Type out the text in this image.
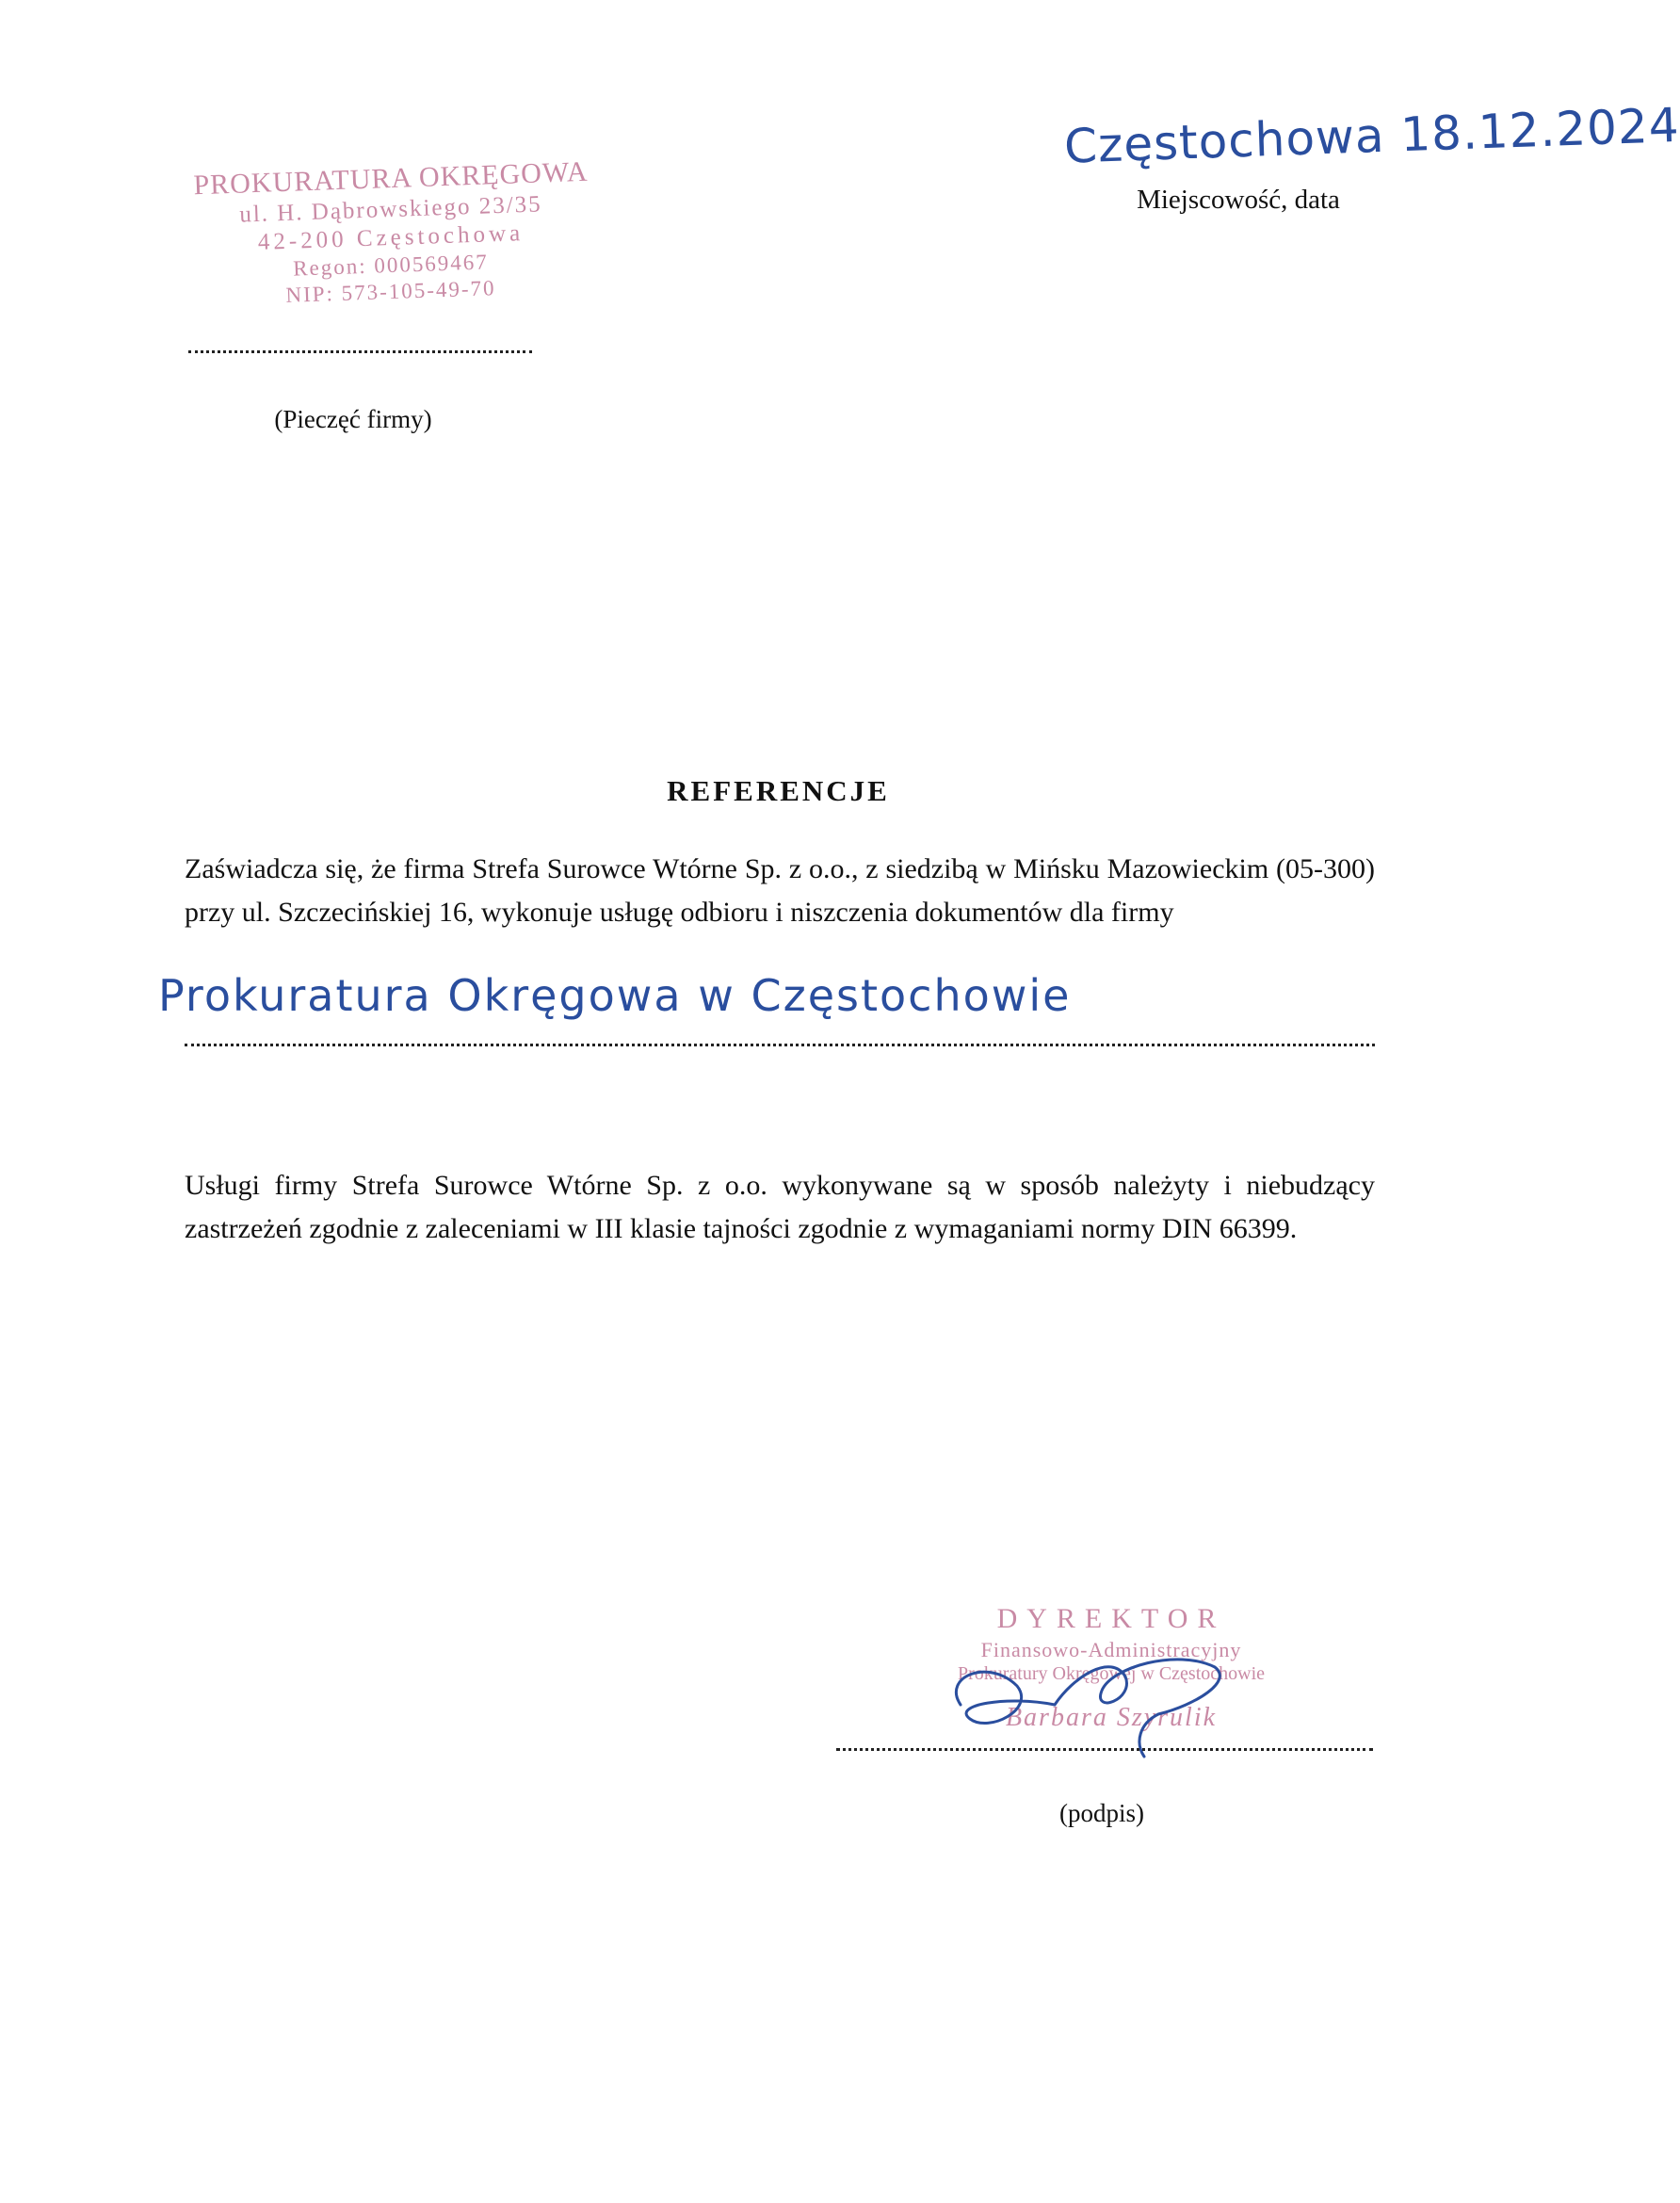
PROKURATURA OKRĘGOWA
ul. H. Dąbrowskiego 23/35
42-200 Częstochowa
Regon: 000569467
NIP: 573-105-49-70
(Pieczęć firmy)
Częstochowa 18.12.2024
Miejscowość, data
REFERENCJE
Zaświadcza się, że firma Strefa Surowce Wtórne Sp. z o.o., z siedzibą w Mińsku Mazowieckim (05-300) przy ul. Szczecińskiej 16, wykonuje usługę odbioru i niszczenia dokumentów dla firmy
Prokuratura Okręgowa w Częstochowie
Usługi firmy Strefa Surowce Wtórne Sp. z o.o. wykonywane są w sposób należyty i niebudzący zastrzeżeń zgodnie z zaleceniami w III klasie tajności zgodnie z wymaganiami normy DIN 66399.
DYREKTOR
Finansowo-Administracyjny
Prokuratury Okręgowej w Częstochowie
Barbara Szyrulik
(podpis)
